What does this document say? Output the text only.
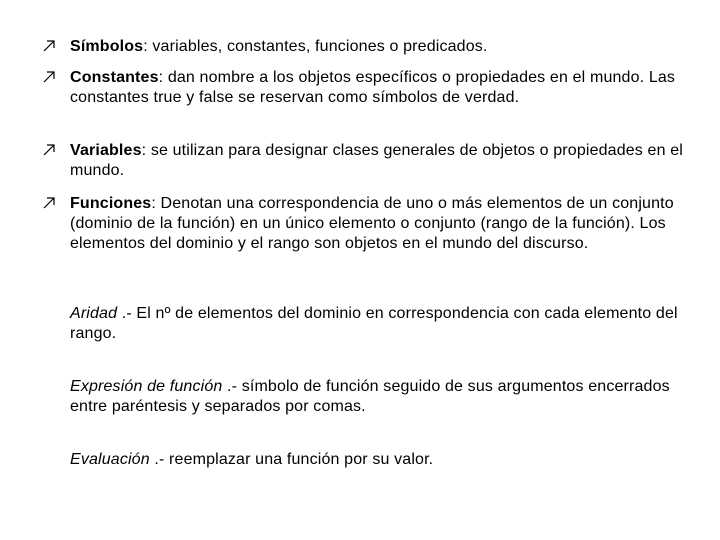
Símbolos: variables, constantes, funciones o predicados.
Constantes: dan nombre a los objetos específicos o propiedades en el mundo. Las constantes true y false se reservan como símbolos de verdad.
Variables: se utilizan para designar clases generales de objetos o propiedades en el mundo.
Funciones: Denotan una correspondencia de uno o más elementos de un conjunto (dominio de la función) en un único elemento o conjunto (rango de la función). Los elementos del dominio y el rango son objetos en el mundo del discurso.
Aridad .- El nº de elementos del dominio en correspondencia con cada elemento del rango.
Expresión de función .- símbolo de función seguido de sus argumentos encerrados entre paréntesis y separados por comas.
Evaluación .- reemplazar una función por su valor.
